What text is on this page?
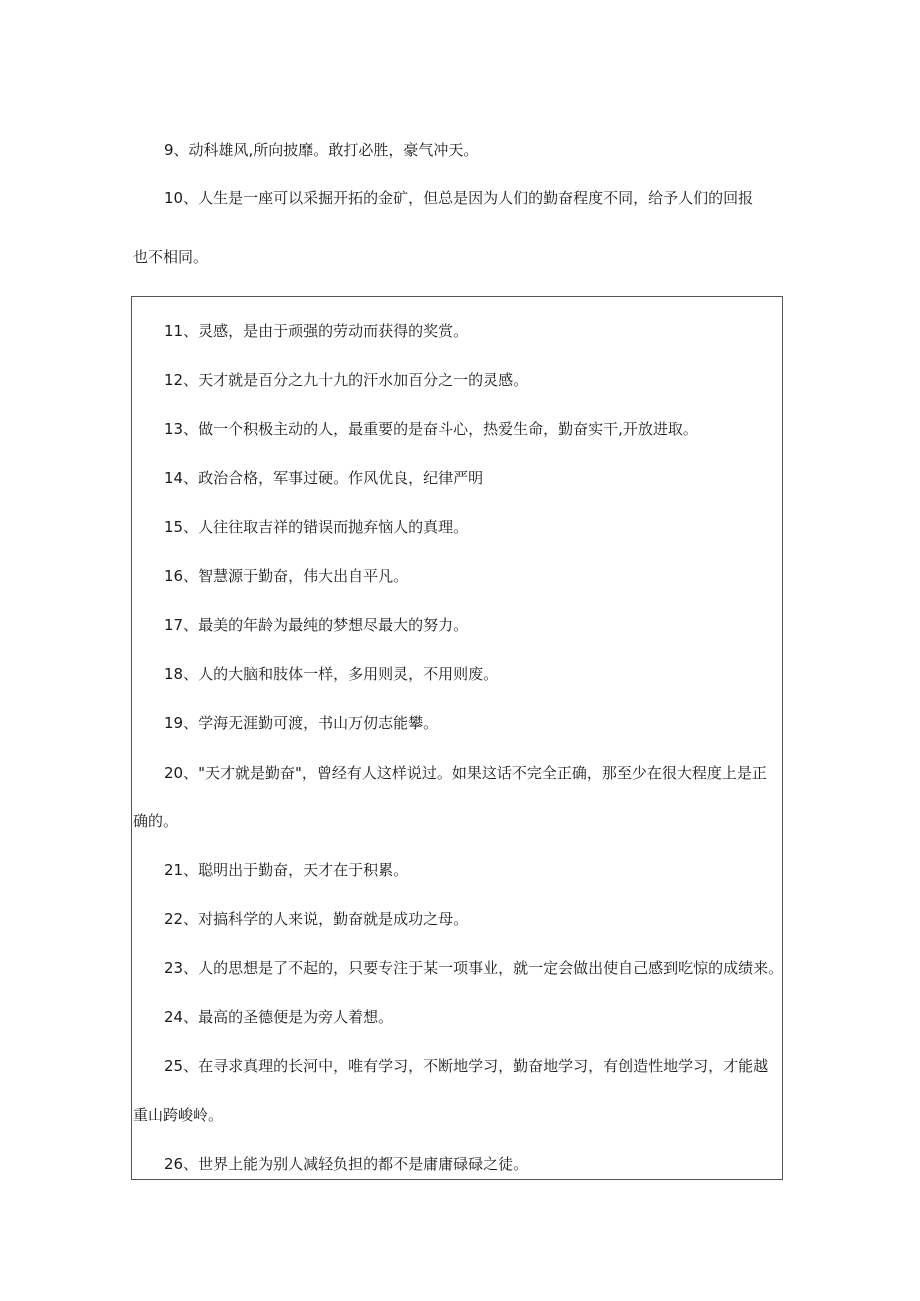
9、动科雄风,所向披靡。敢打必胜，豪气冲天。
10、人生是一座可以采掘开拓的金矿，但总是因为人们的勤奋程度不同，给予人们的回报
也不相同。
11、灵感，是由于顽强的劳动而获得的奖赏。
12、天才就是百分之九十九的汗水加百分之一的灵感。
13、做一个积极主动的人，最重要的是奋斗心，热爱生命，勤奋实干,开放进取。
14、政治合格，军事过硬。作风优良，纪律严明
15、人往往取吉祥的错误而抛弃恼人的真理。
16、智慧源于勤奋，伟大出自平凡。
17、最美的年龄为最纯的梦想尽最大的努力。
18、人的大脑和肢体一样，多用则灵，不用则废。
19、学海无涯勤可渡，书山万仞志能攀。
20、"天才就是勤奋"，曾经有人这样说过。如果这话不完全正确，那至少在很大程度上是正
确的。
21、聪明出于勤奋，天才在于积累。
22、对搞科学的人来说，勤奋就是成功之母。
23、人的思想是了不起的，只要专注于某一项事业，就一定会做出使自己感到吃惊的成绩来。
24、最高的圣德便是为旁人着想。
25、在寻求真理的长河中，唯有学习，不断地学习，勤奋地学习，有创造性地学习，才能越
重山跨峻岭。
26、世界上能为别人减轻负担的都不是庸庸碌碌之徒。
